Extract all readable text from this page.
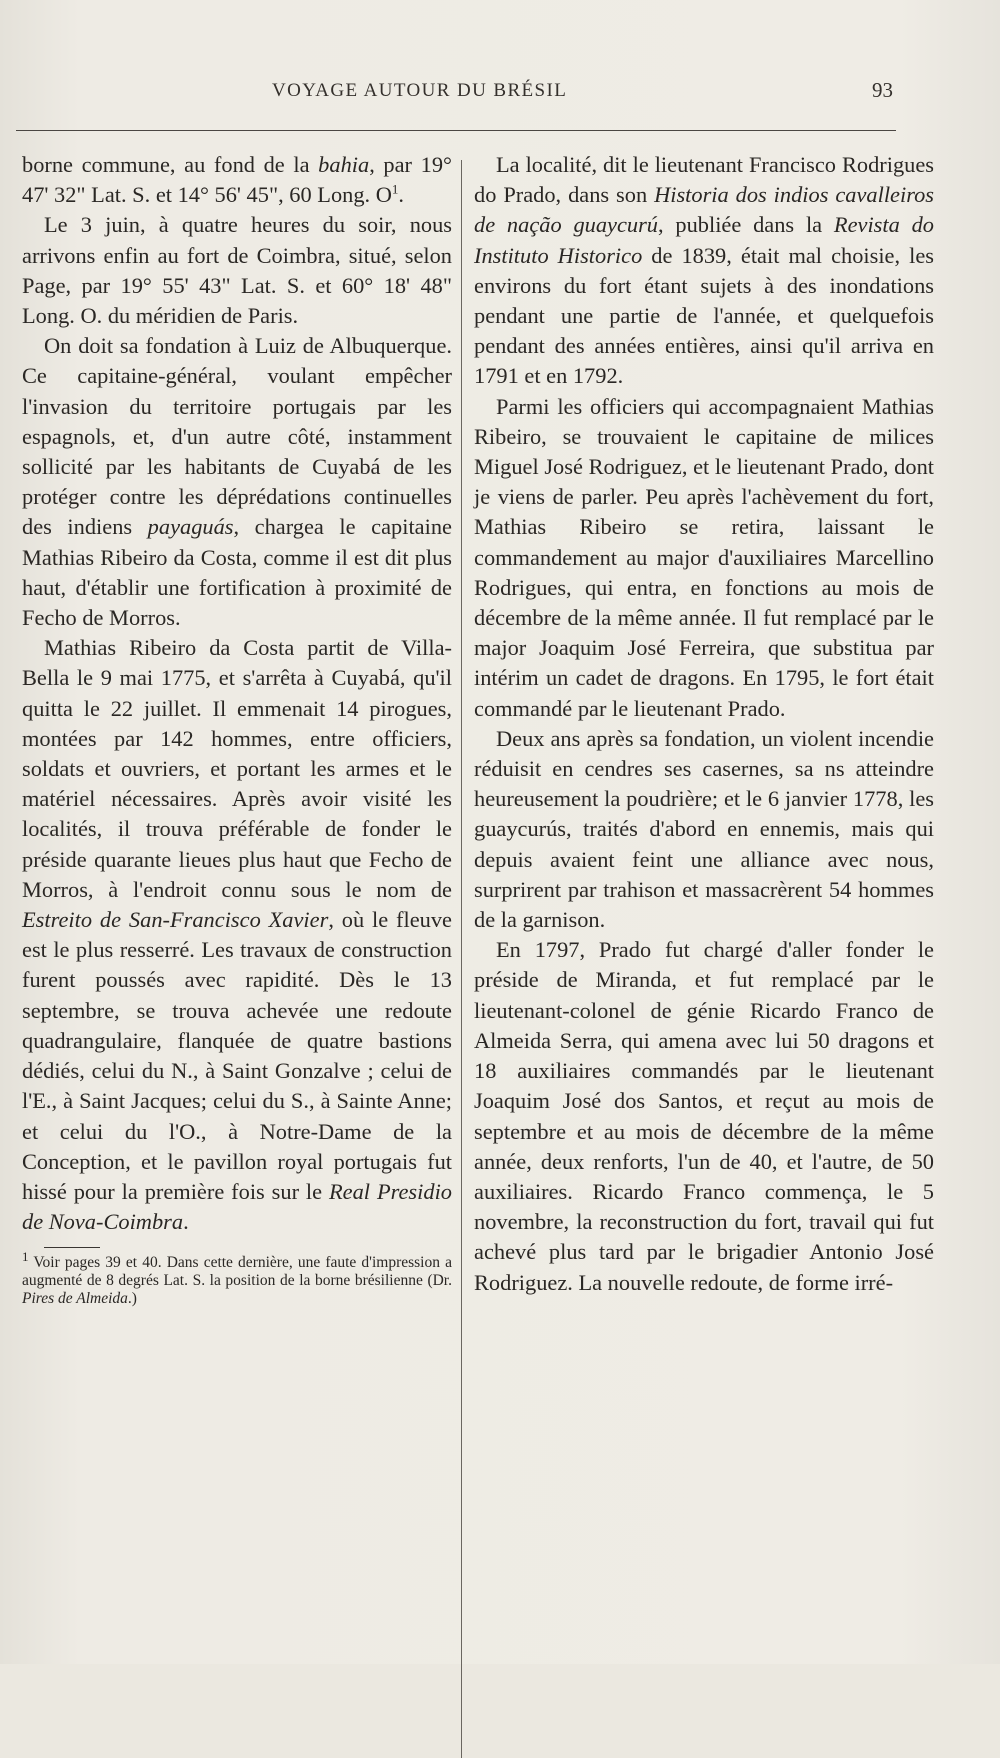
VOYAGE AUTOUR DU BRÉSIL	93

borne commune, au fond de la bahia, par 19° 47' 32" Lat. S. et 14° 56' 45", 60 Long. $O^1$.

Le 3 juin, à quatre heures du soir, nous arrivons enfin au fort de Coimbra, situé, selon Page, par 19° 55' 43" Lat. S. et 60° 18' 48" Long. O. du méridien de Paris.

On doit sa fondation à Luiz de Albuquerque. Ce capitaine-général, voulant empêcher l'invasion du territoire portugais par les espagnols, et, d'un autre côté, instamment sollicité par les habitants de Cuyabá de les protéger contre les déprédations continuelles des indiens payaguás, chargea le capitaine Mathias Ribeiro da Costa, comme il est dit plus haut, d'établir une fortification à proximité de Fecho de Morros.

Mathias Ribeiro da Costa partit de Villa-Bella le 9 mai 1775, et s'arrêta à Cuyabá, qu'il quitta le 22 juillet. Il emmenait 14 pirogues, montées par 142 hommes, entre officiers, soldats et ouvriers, et portant les armes et le matériel nécessaires. Après avoir visité les localités, il trouva préférable de fonder le préside quarante lieues plus haut que Fecho de Morros, à l'endroit connu sous le nom de Estreito de San-Francisco Xavier, où le fleuve est le plus resserré. Les travaux de construction furent poussés avec rapidité. Dès le 13 septembre, se trouva achevée une redoute quadrangulaire, flanquée de quatre bastions dédiés, celui du N., à Saint Gonzalve ; celui de l'E., à Saint Jacques; celui du S., à Sainte Anne; et celui du l'O., à Notre-Dame de la Conception, et le pavillon royal portugais fut hissé pour la première fois sur le Real Presidio de Nova-Coimbra.

$^1$ Voir pages 39 et 40. Dans cette dernière, une faute d'impression a augmenté de 8 degrés Lat. S. la position de la borne brésilienne (Dr. Pires de Almeida.)

La localité, dit le lieutenant Francisco Rodrigues do Prado, dans son Historia dos indios cavalleiros de nação guaycurú, publiée dans la Revista do Instituto Historico de 1839, était mal choisie, les environs du fort étant sujets à des inondations pendant une partie de l'année, et quelquefois pendant des années entières, ainsi qu'il arriva en 1791 et en 1792.

Parmi les officiers qui accompagnaient Mathias Ribeiro, se trouvaient le capitaine de milices Miguel José Rodriguez, et le lieutenant Prado, dont je viens de parler. Peu après l'achèvement du fort, Mathias Ribeiro se retira, laissant le commandement au major d'auxiliaires Marcellino Rodrigues, qui entra, en fonctions au mois de décembre de la même année. Il fut remplacé par le major Joaquim José Ferreira, que substitua par intérim un cadet de dragons. En 1795, le fort était commandé par le lieutenant Prado.

Deux ans après sa fondation, un violent incendie réduisit en cendres ses casernes, sa ns atteindre heureusement la poudrière; et le 6 janvier 1778, les guaycurús, traités d'abord en ennemis, mais qui depuis avaient feint une alliance avec nous, surprirent par trahison et massacrèrent 54 hommes de la garnison.

En 1797, Prado fut chargé d'aller fonder le préside de Miranda, et fut remplacé par le lieutenant-colonel de génie Ricardo Franco de Almeida Serra, qui amena avec lui 50 dragons et 18 auxiliaires commandés par le lieutenant Joaquim José dos Santos, et reçut au mois de septembre et au mois de décembre de la même année, deux renforts, l'un de 40, et l'autre, de 50 auxiliaires. Ricardo Franco commença, le 5 novembre, la reconstruction du fort, travail qui fut achevé plus tard par le brigadier Antonio José Rodriguez. La nouvelle redoute, de forme irré-
